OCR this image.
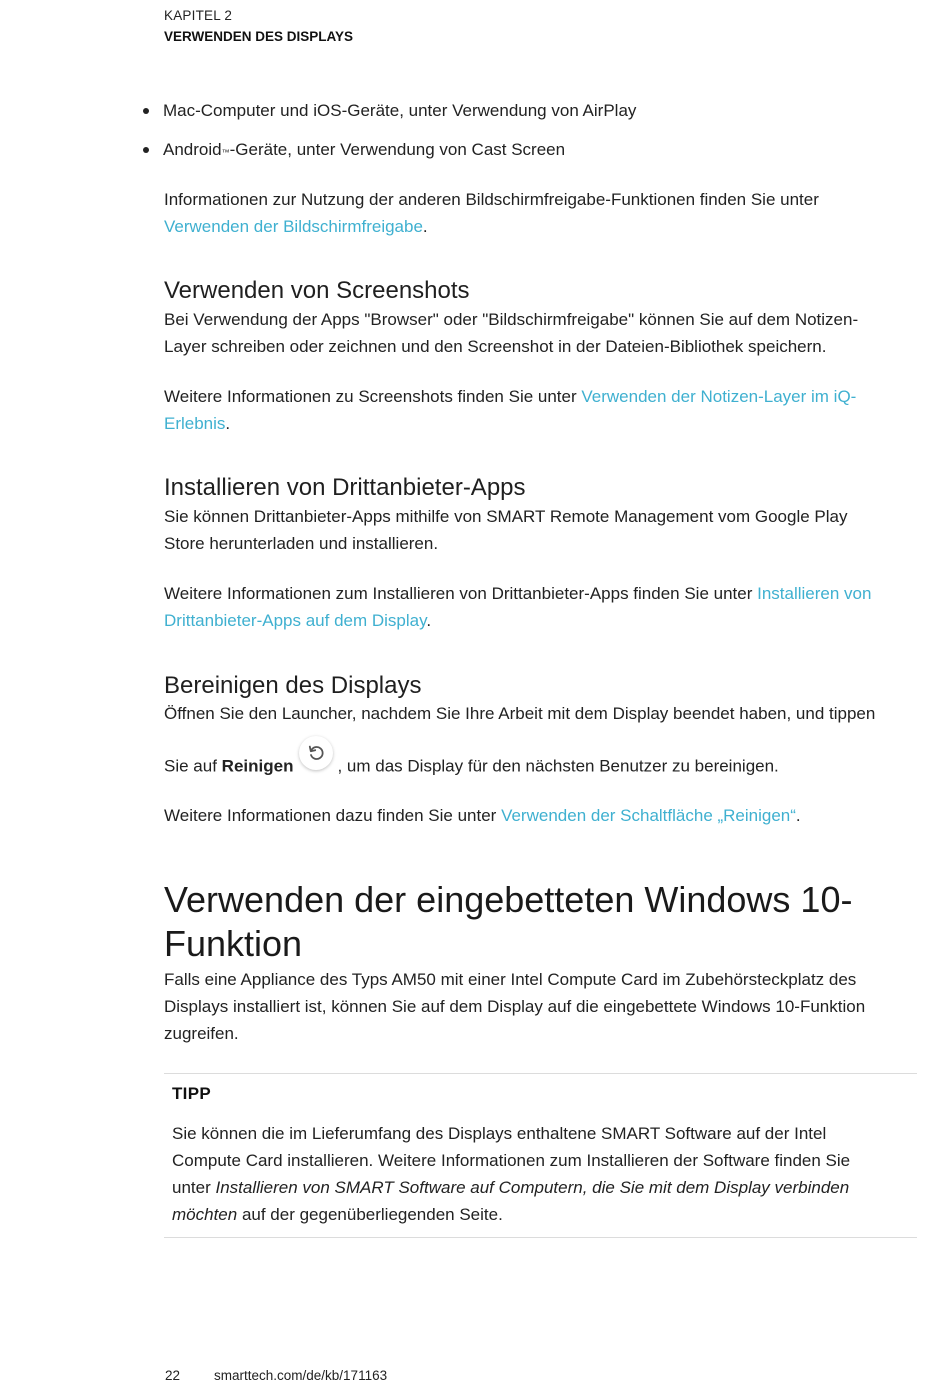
KAPITEL 2
VERWENDEN DES DISPLAYS
Mac-Computer und iOS-Geräte, unter Verwendung von AirPlay
Android™-Geräte, unter Verwendung von Cast Screen

Informationen zur Nutzung der anderen Bildschirmfreigabe-Funktionen finden Sie unter
Verwenden der Bildschirmfreigabe.

Verwenden von Screenshots

Bei Verwendung der Apps "Browser" oder "Bildschirmfreigabe" können Sie auf dem Notizen-
Layer schreiben oder zeichnen und den Screenshot in der Dateien-Bibliothek speichern.

Weitere Informationen zu Screenshots finden Sie unter Verwenden der Notizen-Layer im iQ-
Erlebnis.

Installieren von Drittanbieter-Apps

Sie können Drittanbieter-Apps mithilfe von SMART Remote Management vom Google Play
Store herunterladen und installieren.

Weitere Informationen zum Installieren von Drittanbieter-Apps finden Sie unter Installieren von
Drittanbieter-Apps auf dem Display.

Bereinigen des Displays

Öffnen Sie den Launcher, nachdem Sie Ihre Arbeit mit dem Display beendet haben, und tippen

Sie auf Reinigen	, um das Display für den nächsten Benutzer zu bereinigen.

Weitere Informationen dazu finden Sie unter Verwenden der Schaltfläche „Reinigen“.

Verwenden der eingebetteten Windows 10-
Funktion

Falls eine Appliance des Typs AM50 mit einer Intel Compute Card im Zubehörsteckplatz des
Displays installiert ist, können Sie auf dem Display auf die eingebettete Windows 10-Funktion
zugreifen.

TIPP

Sie können die im Lieferumfang des Displays enthaltene SMART Software auf der Intel
Compute Card installieren. Weitere Informationen zum Installieren der Software finden Sie
unter Installieren von SMART Software auf Computern, die Sie mit dem Display verbinden
möchten auf der gegenüberliegenden Seite.

22	smarttech.com/de/kb/171163
